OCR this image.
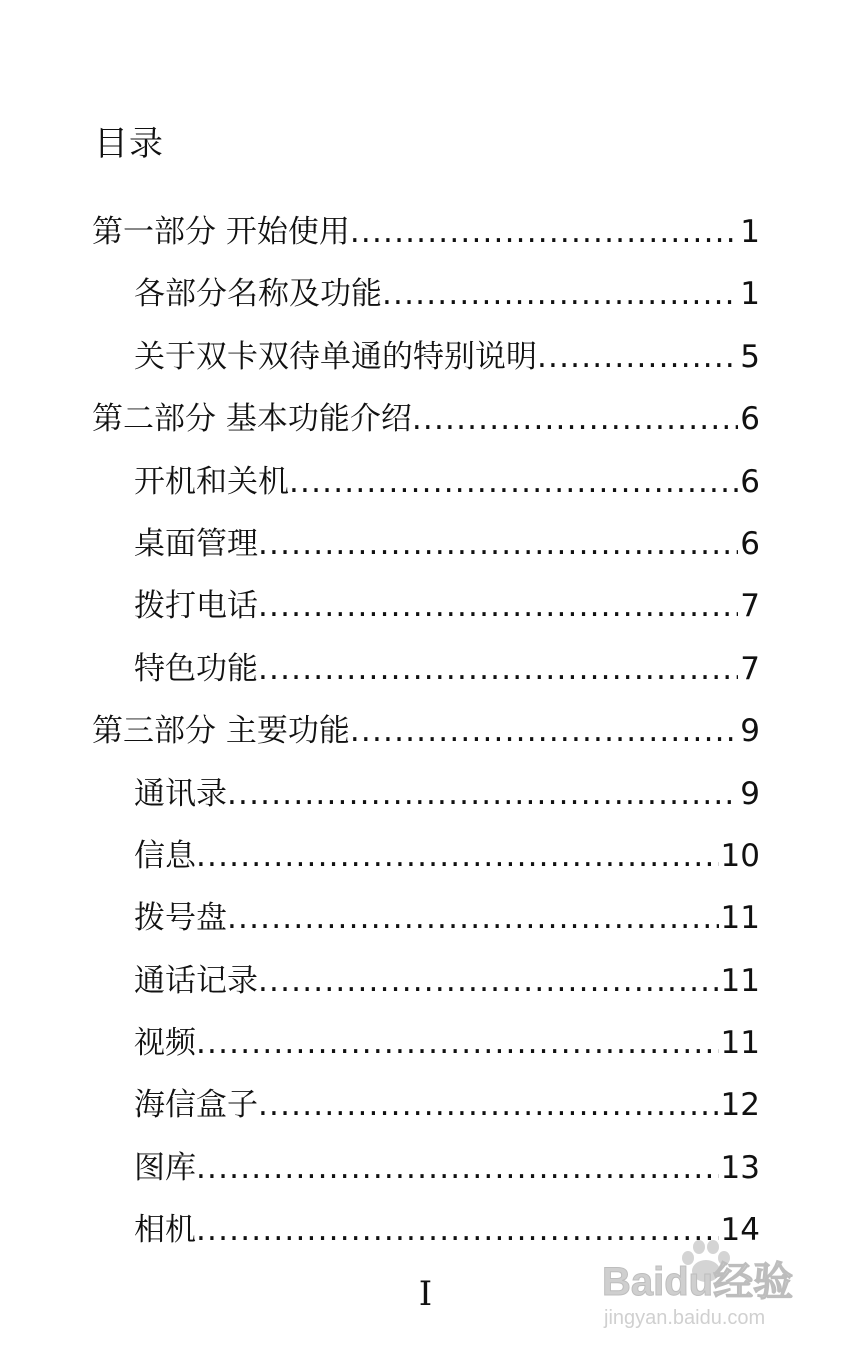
目录
第一部分 开始使用 .....	1
各部分名称及功能 .....	1
关于双卡双待单通的特别说明 .....	5
第二部分 基本功能介绍 .....	6
开机和关机 .....	6
桌面管理 .....	6
拨打电话 .....	7
特色功能 .....	7
第三部分 主要功能 .....	9
通讯录 .....	9
信息 .....	10
拨号盘 .....	11
通话记录 .....	11
视频 .....	11
海信盒子 .....	12
图库 .....	13
相机 .....	14
I	Baidu经验
jingyan.baidu.com
